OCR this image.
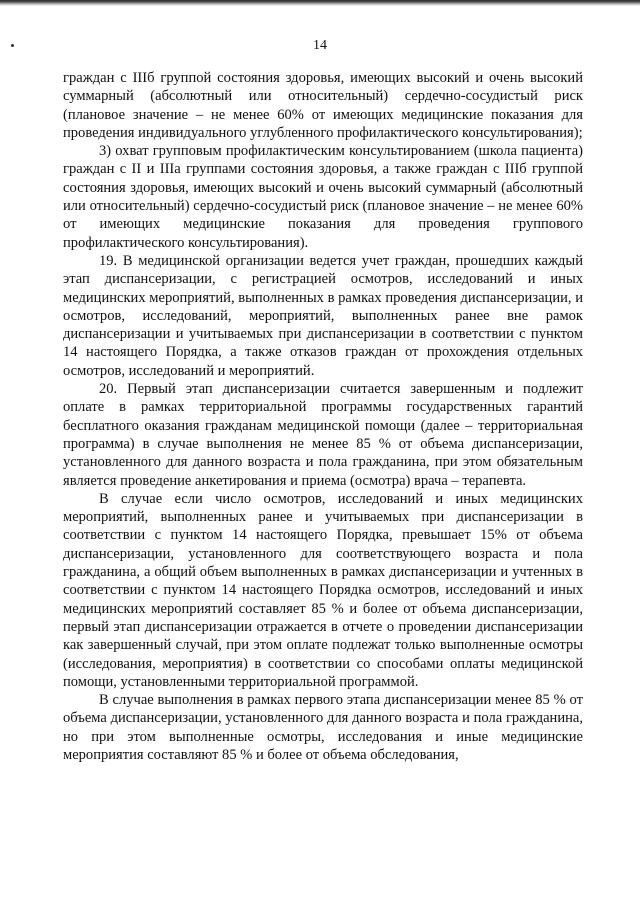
14

граждан с IIIб группой состояния здоровья, имеющих высокий и очень высокий суммарный (абсолютный или относительный) сердечно-сосудистый риск (плановое значение – не менее 60% от имеющих медицинские показания для проведения индивидуального углубленного профилактического консультирования);

3) охват групповым профилактическим консультированием (школа пациента) граждан с II и IIIа группами состояния здоровья, а также граждан с IIIб группой состояния здоровья, имеющих высокий и очень высокий суммарный (абсолютный или относительный) сердечно-сосудистый риск (плановое значение – не менее 60% от имеющих медицинские показания для проведения группового профилактического консультирования).

19. В медицинской организации ведется учет граждан, прошедших каждый этап диспансеризации, с регистрацией осмотров, исследований и иных медицинских мероприятий, выполненных в рамках проведения диспансеризации, и осмотров, исследований, мероприятий, выполненных ранее вне рамок диспансеризации и учитываемых при диспансеризации в соответствии с пунктом 14 настоящего Порядка, а также отказов граждан от прохождения отдельных осмотров, исследований и мероприятий.

20. Первый этап диспансеризации считается завершенным и подлежит оплате в рамках территориальной программы государственных гарантий бесплатного оказания гражданам медицинской помощи (далее – территориальная программа) в случае выполнения не менее 85 % от объема диспансеризации, установленного для данного возраста и пола гражданина, при этом обязательным является проведение анкетирования и приема (осмотра) врача – терапевта.

В случае если число осмотров, исследований и иных медицинских мероприятий, выполненных ранее и учитываемых при диспансеризации в соответствии с пунктом 14 настоящего Порядка, превышает 15% от объема диспансеризации, установленного для соответствующего возраста и пола гражданина, а общий объем выполненных в рамках диспансеризации и учтенных в соответствии с пунктом 14 настоящего Порядка осмотров, исследований и иных медицинских мероприятий составляет 85 % и более от объема диспансеризации, первый этап диспансеризации отражается в отчете о проведении диспансеризации как завершенный случай, при этом оплате подлежат только выполненные осмотры (исследования, мероприятия) в соответствии со способами оплаты медицинской помощи, установленными территориальной программой.

В случае выполнения в рамках первого этапа диспансеризации менее 85 % от объема диспансеризации, установленного для данного возраста и пола гражданина, но при этом выполненные осмотры, исследования и иные медицинские мероприятия составляют 85 % и более от объема обследования,
